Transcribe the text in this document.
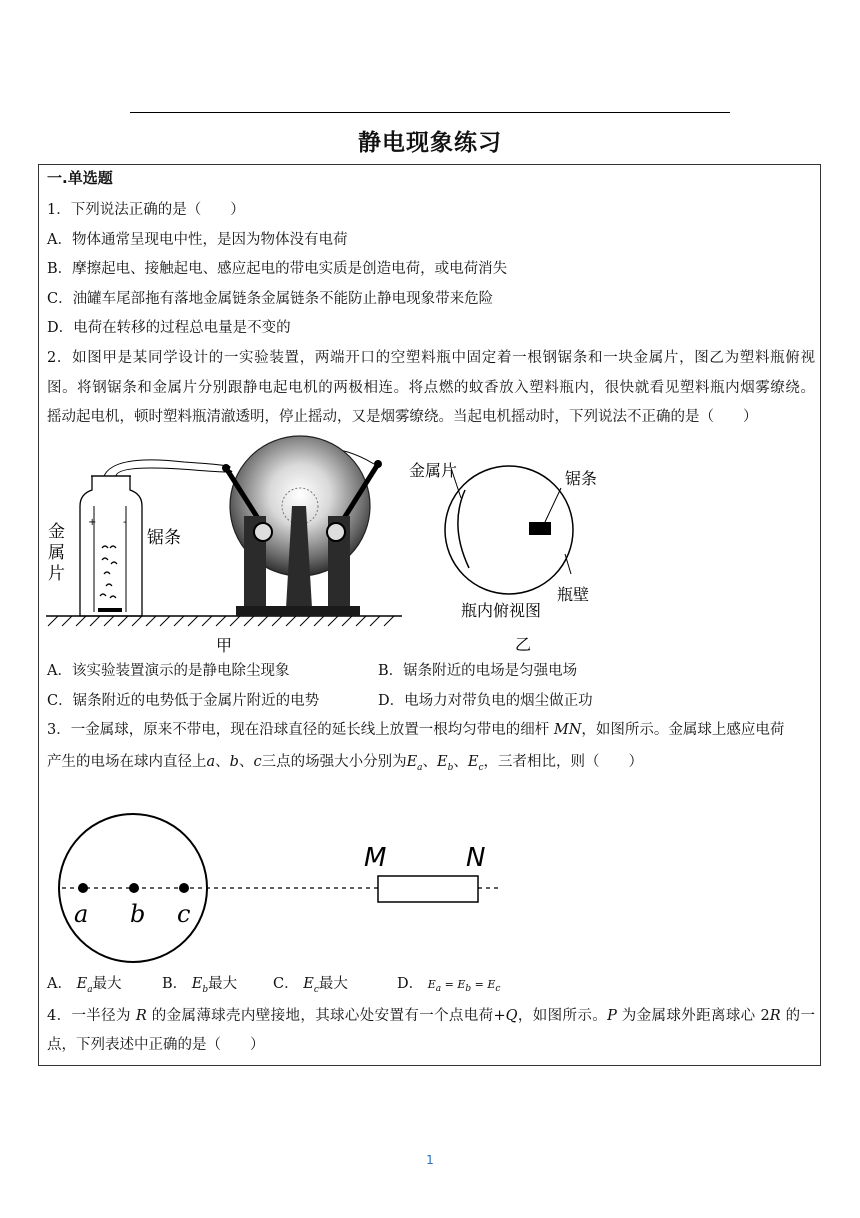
静电现象练习
一.单选题
1．下列说法正确的是（　　）
A．物体通常呈现电中性，是因为物体没有电荷
B．摩擦起电、接触起电、感应起电的带电实质是创造电荷，或电荷消失
C．油罐车尾部拖有落地金属链条金属链条不能防止静电现象带来危险
D．电荷在转移的过程总电量是不变的
2．如图甲是某同学设计的一实验装置，两端开口的空塑料瓶中固定着一根钢锯条和一块金属片，图乙为塑料瓶俯视
图。将钢锯条和金属片分别跟静电起电机的两极相连。将点燃的蚊香放入塑料瓶内，很快就看见塑料瓶内烟雾缭绕。
摇动起电机，顿时塑料瓶清澈透明，停止摇动，又是烟雾缭绕。当起电机摇动时，下列说法不正确的是（　　）
+ -
金
属
片
锯条
甲
金属片	锯条
瓶壁
瓶内俯视图
乙
A．该实验装置演示的是静电除尘现象	B．锯条附近的电场是匀强电场
C．锯条附近的电势低于金属片附近的电势	D．电场力对带负电的烟尘做正功
3．一金属球，原来不带电，现在沿球直径的延长线上放置一根均匀带电的细杆 MN，如图所示。金属球上感应电荷
产生的电场在球内直径上a、b、c三点的场强大小分别为$E_a$、$E_b$、$E_c$，三者相比，则（　　）
a b c
M	N
A． $E_a$最大	B． $E_b$最大 C． $E_c$最大	D． $E_a = E_b = E_c$
4．一半径为 R 的金属薄球壳内壁接地，其球心处安置有一个点电荷+Q，如图所示。P 为金属球外距离球心 2R 的一
点，下列表述中正确的是（　　）
1
